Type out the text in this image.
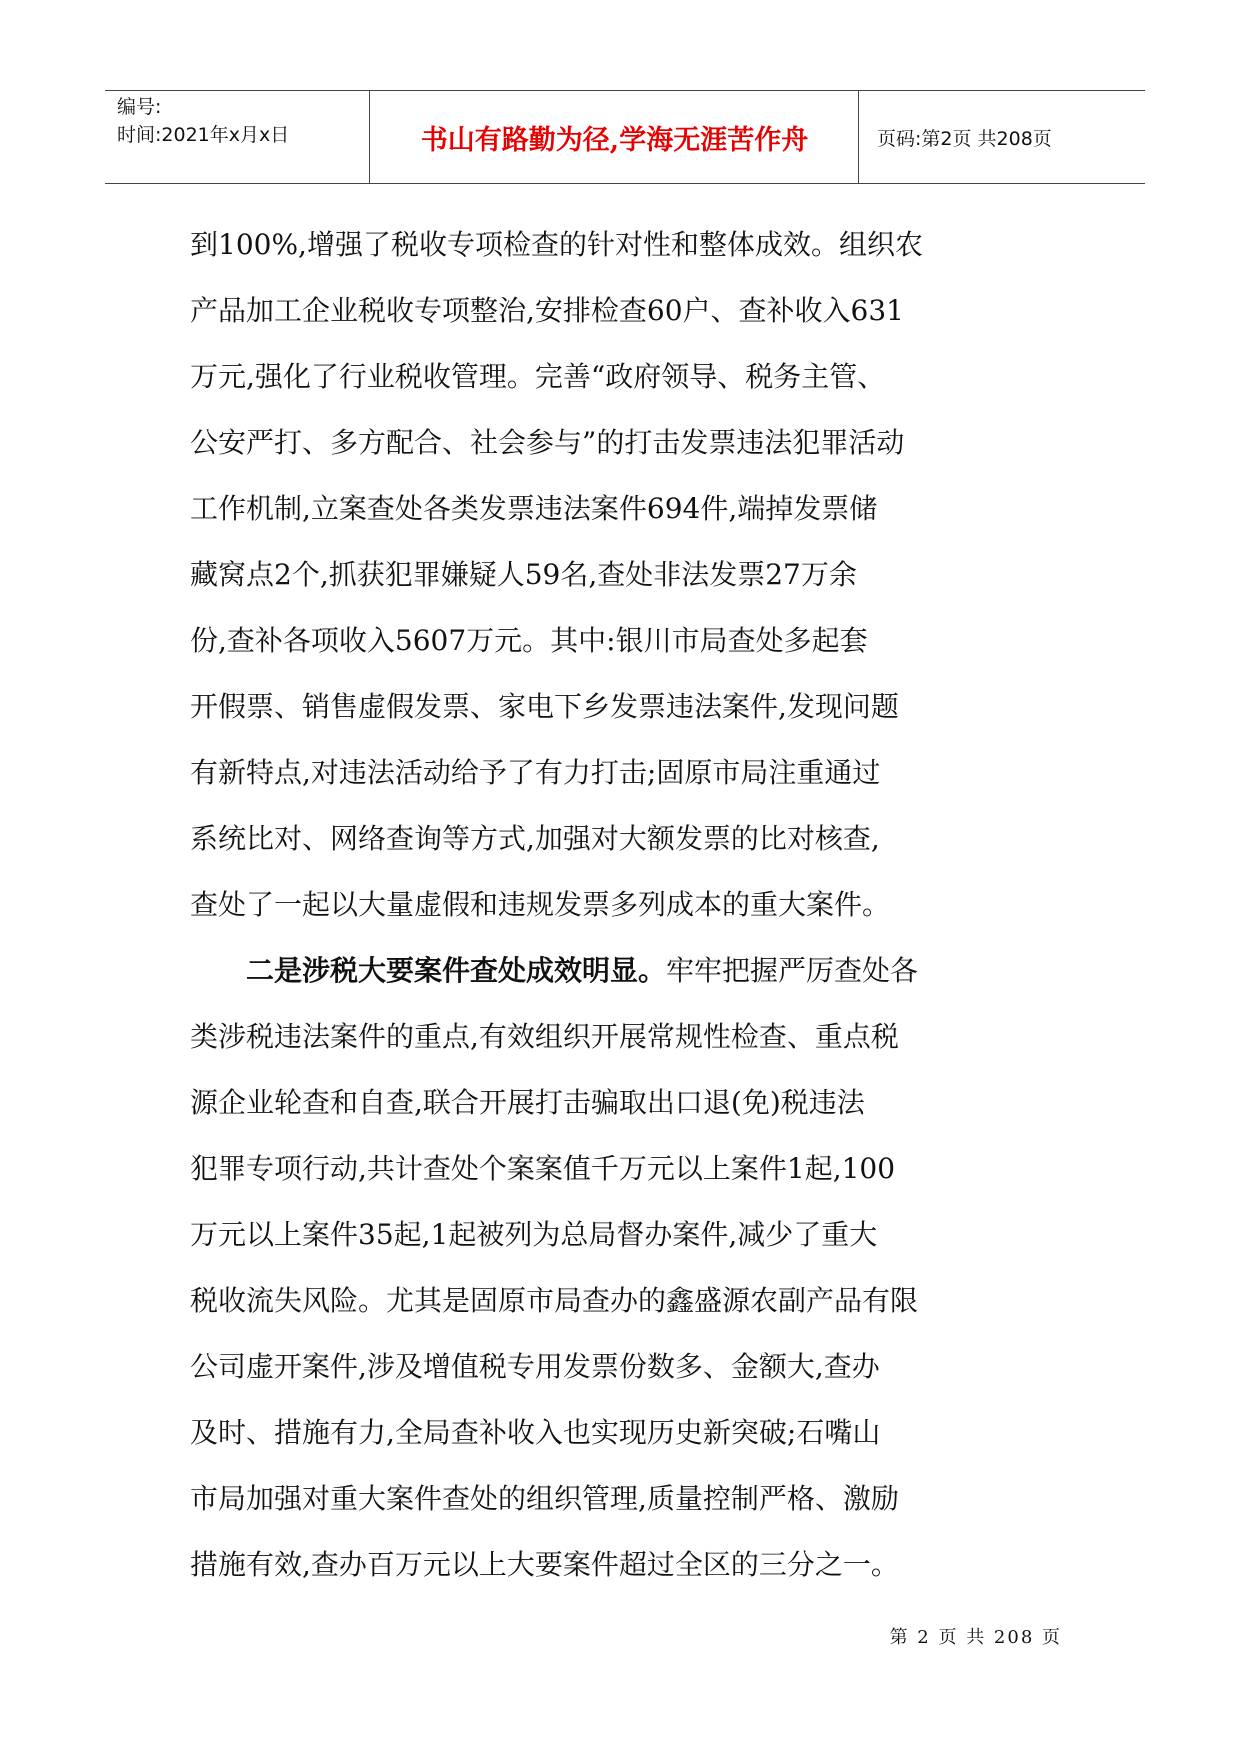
编号:
时间:2021年x月x日	书山有路勤为径,学海无涯苦作舟	页码:第2页 共208页
到100%,增强了税收专项检查的针对性和整体成效。组织农
产品加工企业税收专项整治,安排检查60户、查补收入631
万元,强化了行业税收管理。完善“政府领导、税务主管、
公安严打、多方配合、社会参与”的打击发票违法犯罪活动
工作机制,立案查处各类发票违法案件694件,端掉发票储
藏窝点2个,抓获犯罪嫌疑人59名,查处非法发票27万余
份,查补各项收入5607万元。其中:银川市局查处多起套
开假票、销售虚假发票、家电下乡发票违法案件,发现问题
有新特点,对违法活动给予了有力打击;固原市局注重通过
系统比对、网络查询等方式,加强对大额发票的比对核查,
查处了一起以大量虚假和违规发票多列成本的重大案件。
二是涉税大要案件查处成效明显。 牢牢把握严厉查处各
类涉税违法案件的重点,有效组织开展常规性检查、重点税
源企业轮查和自查,联合开展打击骗取出口退(免)税违法
犯罪专项行动,共计查处个案案值千万元以上案件1起,100
万元以上案件35起,1起被列为总局督办案件,减少了重大
税收流失风险。尤其是固原市局查办的鑫盛源农副产品有限
公司虚开案件,涉及增值税专用发票份数多、金额大,查办
及时、措施有力,全局查补收入也实现历史新突破;石嘴山
市局加强对重大案件查处的组织管理,质量控制严格、激励
措施有效,查办百万元以上大要案件超过全区的三分之一。
第 2 页 共 208 页
